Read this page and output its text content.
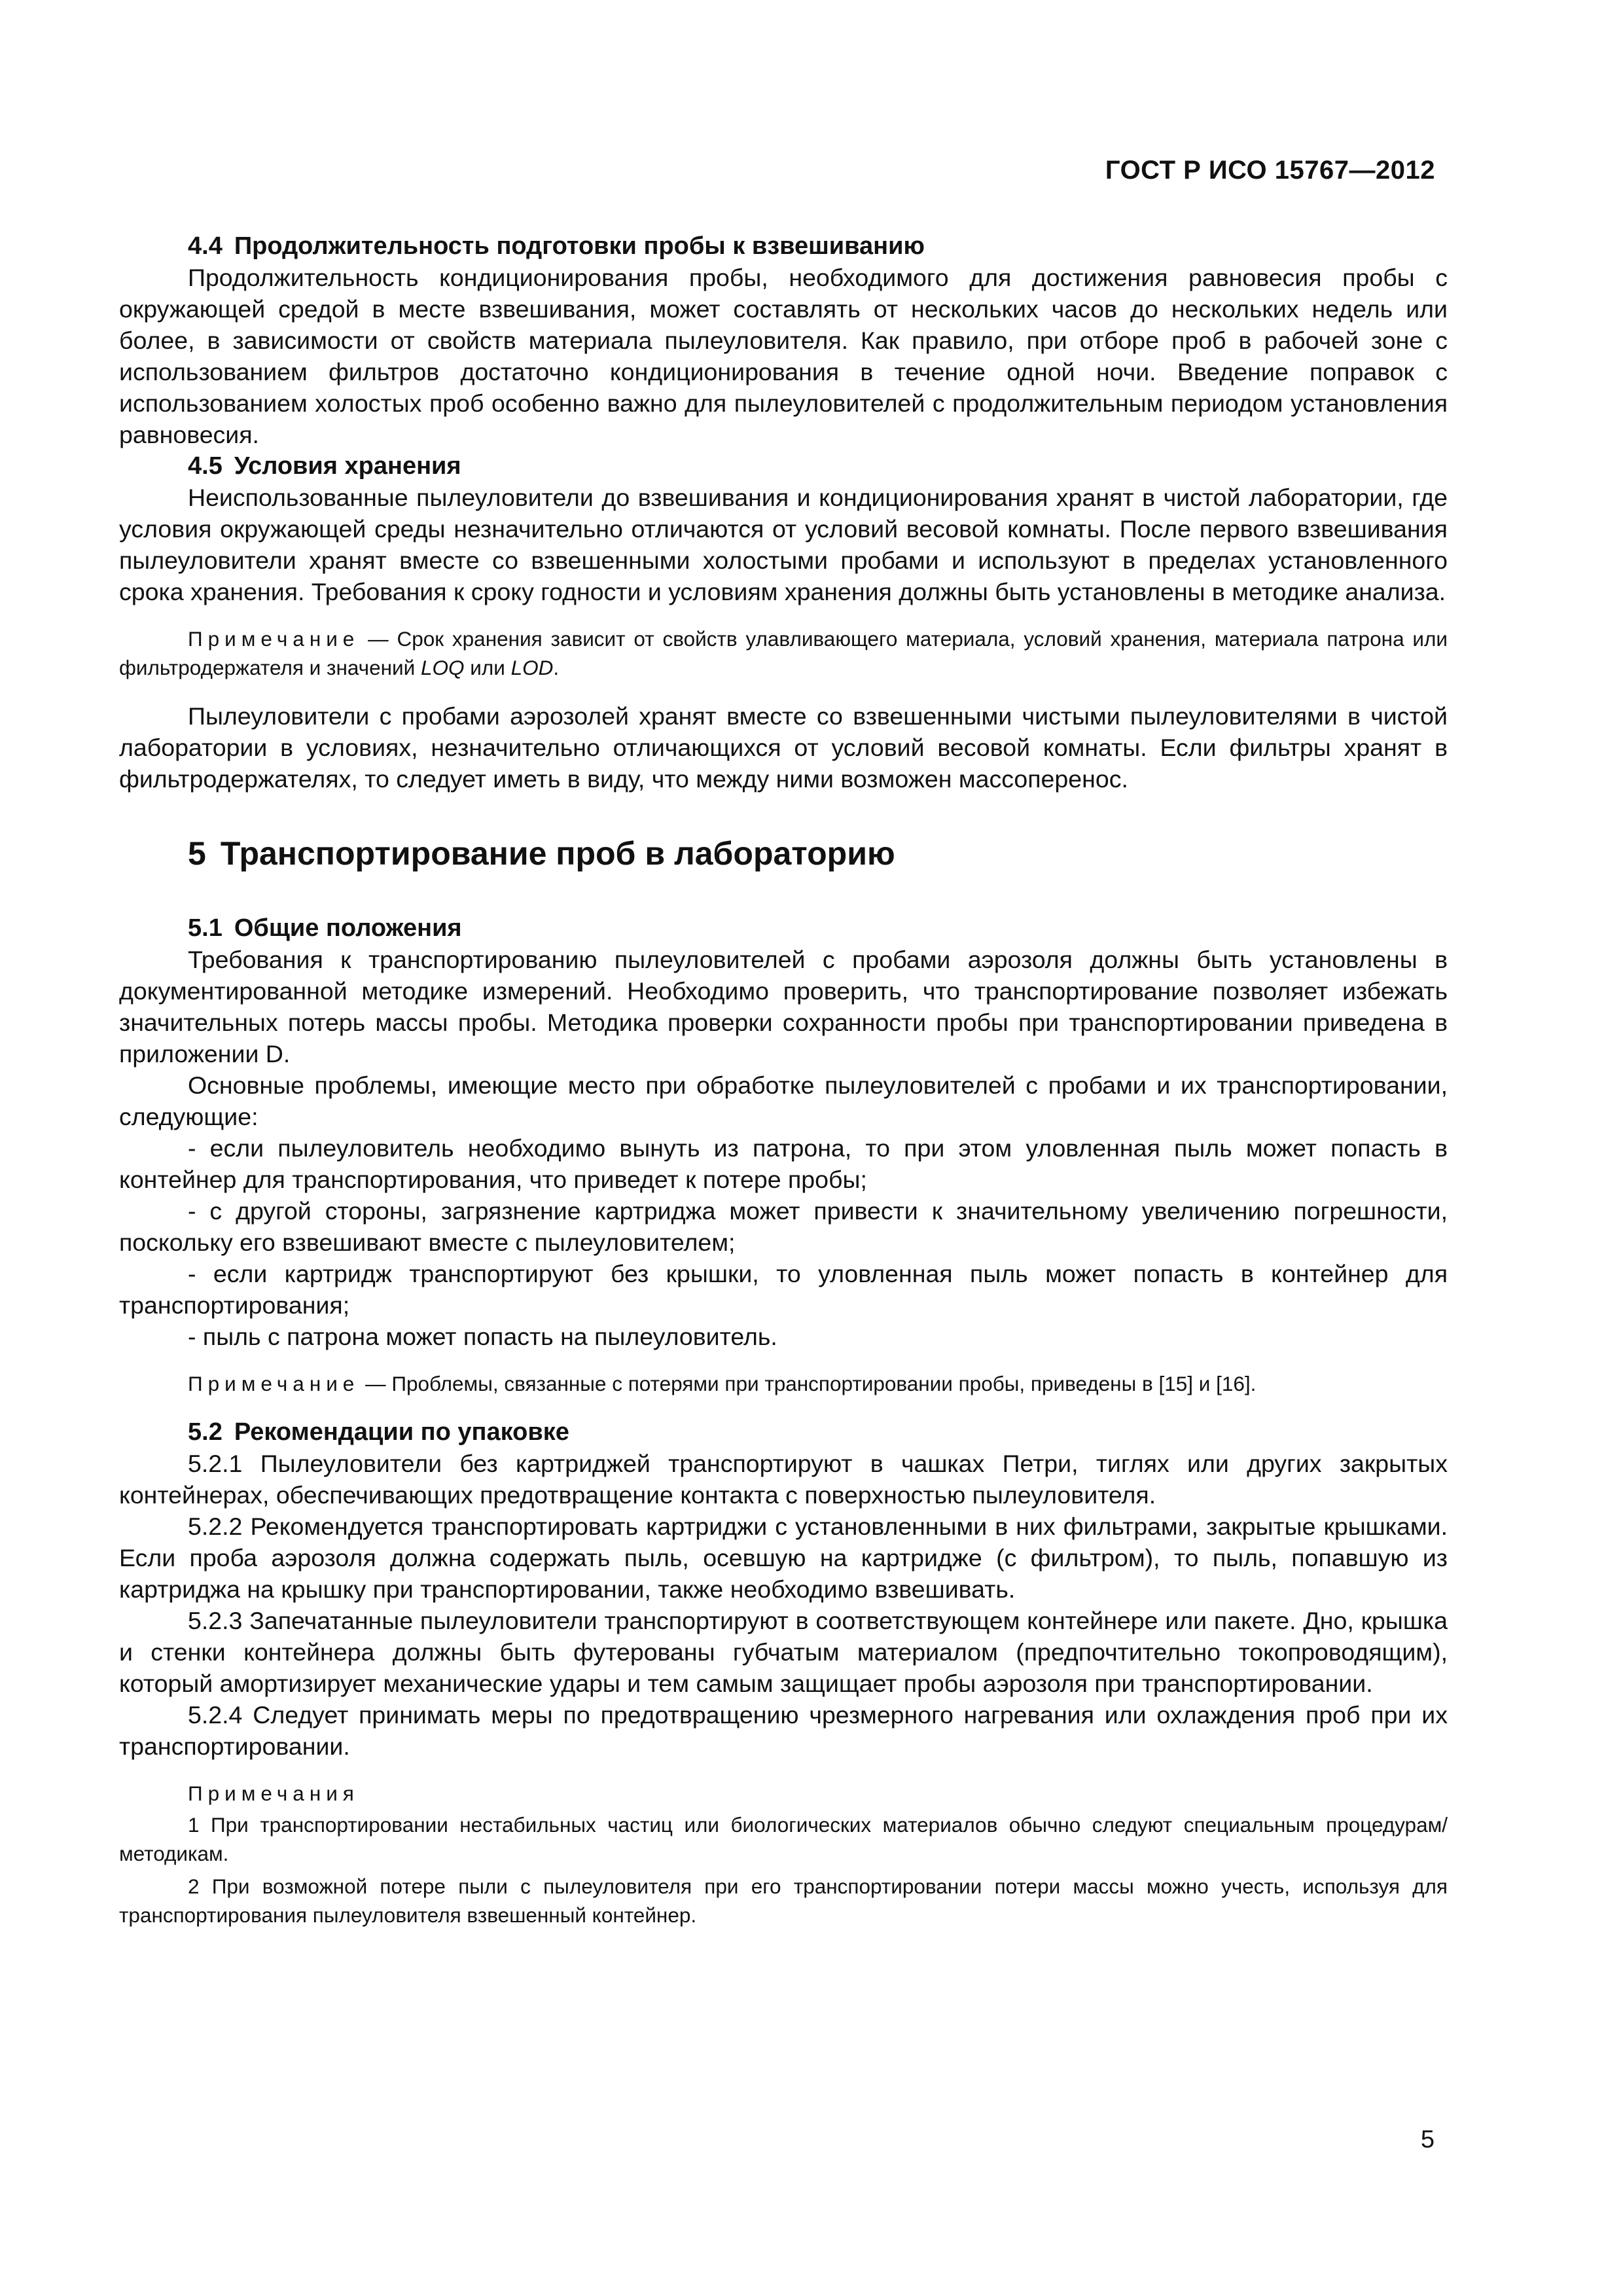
ГОСТ Р ИСО 15767—2012
4.4 Продолжительность подготовки пробы к взвешиванию

Продолжительность кондиционирования пробы, необходимого для достижения равновесия пробы с окружающей средой в месте взвешивания, может составлять от нескольких часов до нескольких недель или более, в зависимости от свойств материала пылеуловителя. Как правило, при отборе проб в рабочей зоне с использованием фильтров достаточно кондиционирования в течение одной ночи. Введение поправок с использованием холостых проб особенно важно для пылеуловителей с продолжительным периодом установления равновесия.

4.5 Условия хранения

Неиспользованные пылеуловители до взвешивания и кондиционирования хранят в чистой лаборатории, где условия окружающей среды незначительно отличаются от условий весовой комнаты. После первого взвешивания пылеуловители хранят вместе со взвешенными холостыми пробами и используют в пределах установленного срока хранения. Требования к сроку годности и условиям хранения должны быть установлены в методике анализа.

Примечание — Срок хранения зависит от свойств улавливающего материала, условий хранения, материала патрона или фильтродержателя и значений LOQ или LOD.

Пылеуловители с пробами аэрозолей хранят вместе со взвешенными чистыми пылеуловителями в чистой лаборатории в условиях, незначительно отличающихся от условий весовой комнаты. Если фильтры хранят в фильтродержателях, то следует иметь в виду, что между ними возможен массоперенос.

5 Транспортирование проб в лабораторию
5.1 Общие положения

Требования к транспортированию пылеуловителей с пробами аэрозоля должны быть установлены в документированной методике измерений. Необходимо проверить, что транспортирование позволяет избежать значительных потерь массы пробы. Методика проверки сохранности пробы при транспортировании приведена в приложении D.

Основные проблемы, имеющие место при обработке пылеуловителей с пробами и их транспортировании, следующие:

- если пылеуловитель необходимо вынуть из патрона, то при этом уловленная пыль может попасть в контейнер для транспортирования, что приведет к потере пробы;

- с другой стороны, загрязнение картриджа может привести к значительному увеличению погрешности, поскольку его взвешивают вместе с пылеуловителем;

- если картридж транспортируют без крышки, то уловленная пыль может попасть в контейнер для транспортирования;

- пыль с патрона может попасть на пылеуловитель.

Примечание — Проблемы, связанные с потерями при транспортировании пробы, приведены в [15] и [16].
5.2 Рекомендации по упаковке

5.2.1 Пылеуловители без картриджей транспортируют в чашках Петри, тиглях или других закрытых контейнерах, обеспечивающих предотвращение контакта с поверхностью пылеуловителя.

5.2.2 Рекомендуется транспортировать картриджи с установленными в них фильтрами, закрытые крышками. Если проба аэрозоля должна содержать пыль, осевшую на картридже (с фильтром), то пыль, попавшую из картриджа на крышку при транспортировании, также необходимо взвешивать.

5.2.3 Запечатанные пылеуловители транспортируют в соответствующем контейнере или пакете. Дно, крышка и стенки контейнера должны быть футерованы губчатым материалом (предпочтительно токопроводящим), который амортизирует механические удары и тем самым защищает пробы аэрозоля при транспортировании.

5.2.4 Следует принимать меры по предотвращению чрезмерного нагревания или охлаждения проб при их транспортировании.

Примечания

1 При транспортировании нестабильных частиц или биологических материалов обычно следуют специальным процедурам/методикам.

2 При возможной потере пыли с пылеуловителя при его транспортировании потери массы можно учесть, используя для транспортирования пылеуловителя взвешенный контейнер.

5
